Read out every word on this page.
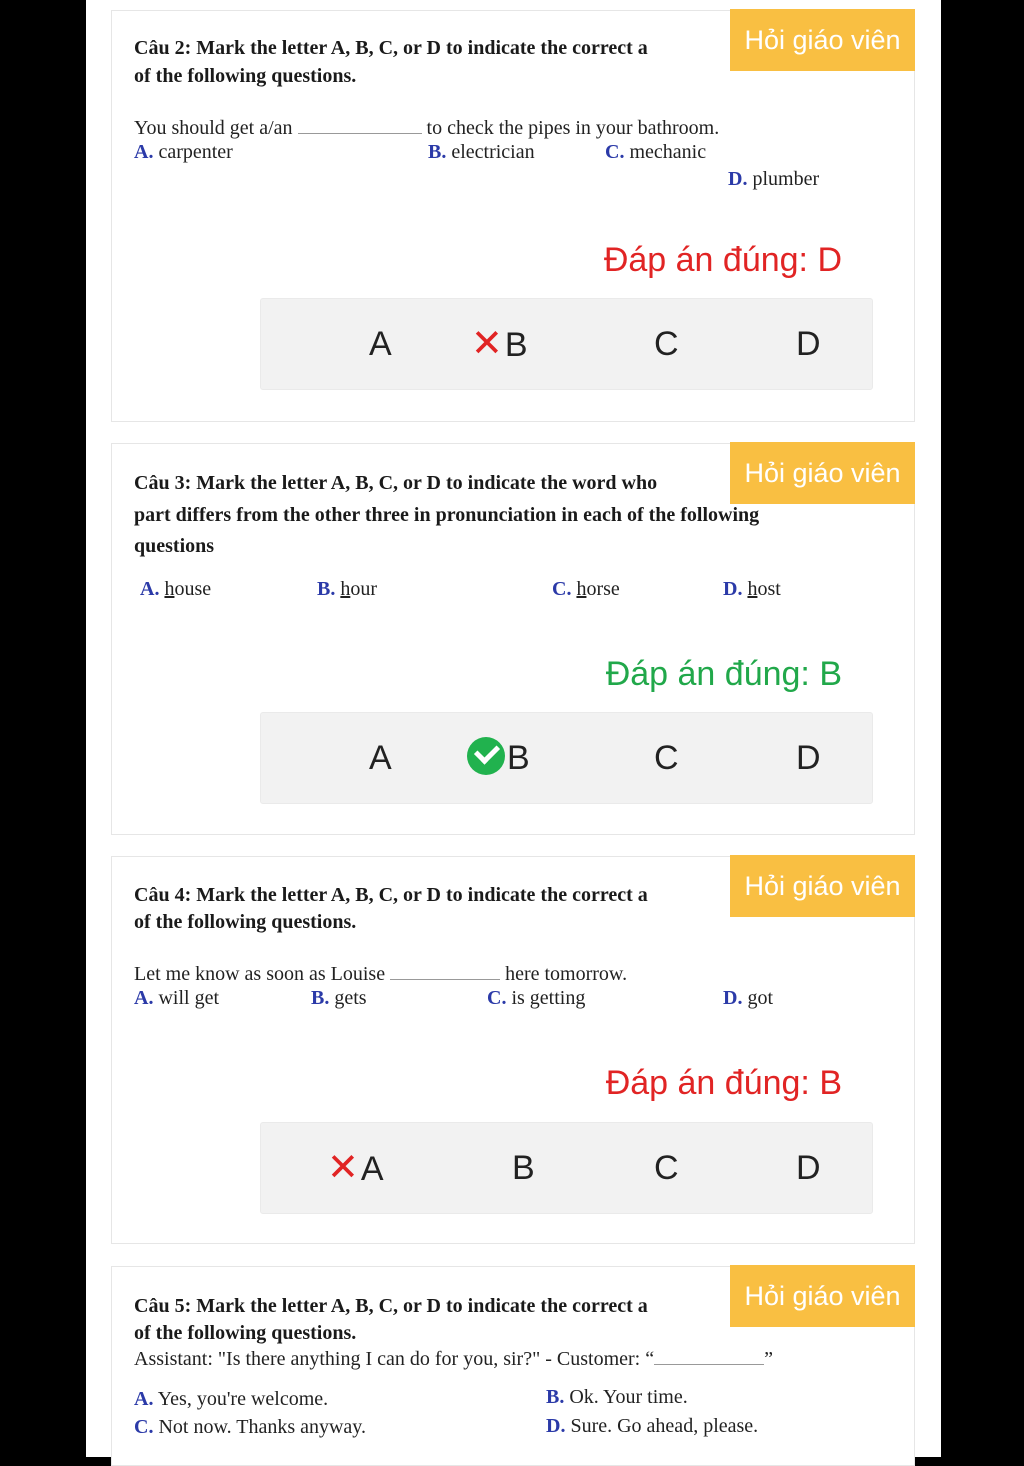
Hỏi giáo viên
Câu 2: Mark the letter A, B, C, or D to indicate the correct a
of the following questions.
You should get a/an	to check the pipes in your bathroom.
A. carpenter	B. electrician	C. mechanic
D. plumber
Đáp án đúng: D
A ✕B	C	D
Hỏi giáo viên
Câu 3: Mark the letter A, B, C, or D to indicate the word who
part differs from the other three in pronunciation in each of the following
questions
A. house	B. hour	C. horse	D. host
Đáp án đúng: B
A	B	C	D
Hỏi giáo viên
Câu 4: Mark the letter A, B, C, or D to indicate the correct a
of the following questions.
Let me know as soon as Louise	here tomorrow.
A. will get	B. gets	C. is getting	D. got
Đáp án đúng: B
✕A	B	C	D
Hỏi giáo viên
Câu 5: Mark the letter A, B, C, or D to indicate the correct a
of the following questions.
Assistant: "Is there anything I can do for you, sir?" - Customer: “	”
A. Yes, you're welcome.	B. Ok. Your time.
C. Not now. Thanks anyway.	D. Sure. Go ahead, please.
